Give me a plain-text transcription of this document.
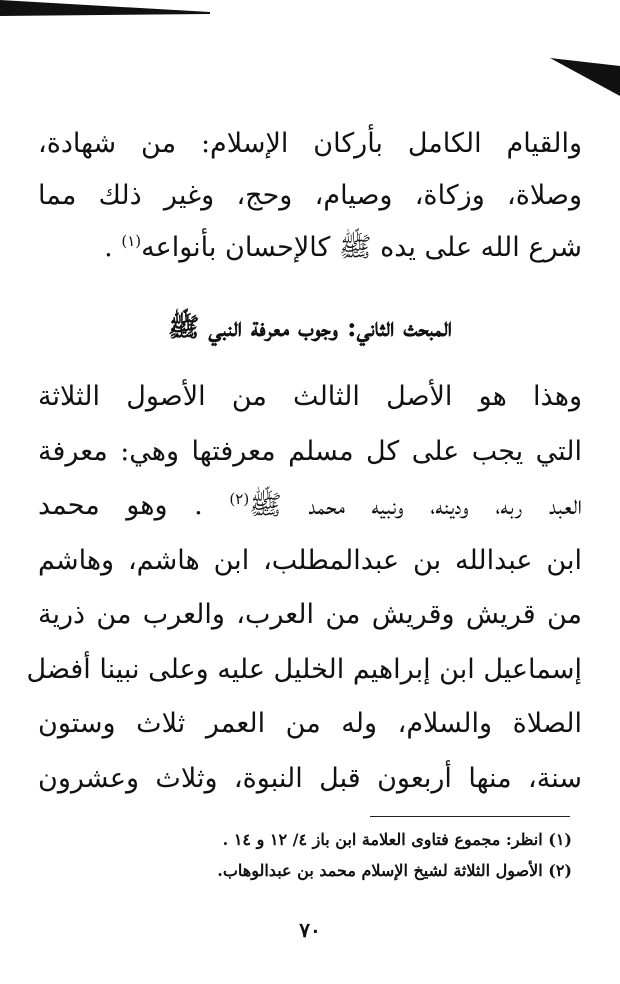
والقيام الكامل بأركان الإسلام: من شهادة،
وصلاة، وزكاة، وصيام، وحج، وغير ذلك مما
شرع الله على يده ﷺ كالإحسان بأنواعه$^{(١)}$ .
المبحث الثاني: وجوب معرفة النبي ﷺ
وهذا هو الأصل الثالث من الأصول الثلاثة
التي يجب على كل مسلم معرفتها وهي: معرفة
العبد ربه، ودينه، ونبيه محمد ﷺ$^{(٢)}$ . وهو محمد
ابن عبدالله بن عبدالمطلب، ابن هاشم، وهاشم
من قريش وقريش من العرب، والعرب من ذرية
إسماعيل ابن إبراهيم الخليل عليه وعلى نبينا أفضل
الصلاة والسلام، وله من العمر ثلاث وستون
سنة، منها أربعون قبل النبوة، وثلاث وعشرون
(١) انظر: مجموع فتاوى العلامة ابن باز ٤/ ١٢ و ١٤ .
(٢) الأصول الثلاثة لشيخ الإسلام محمد بن عبدالوهاب.
٧٠
